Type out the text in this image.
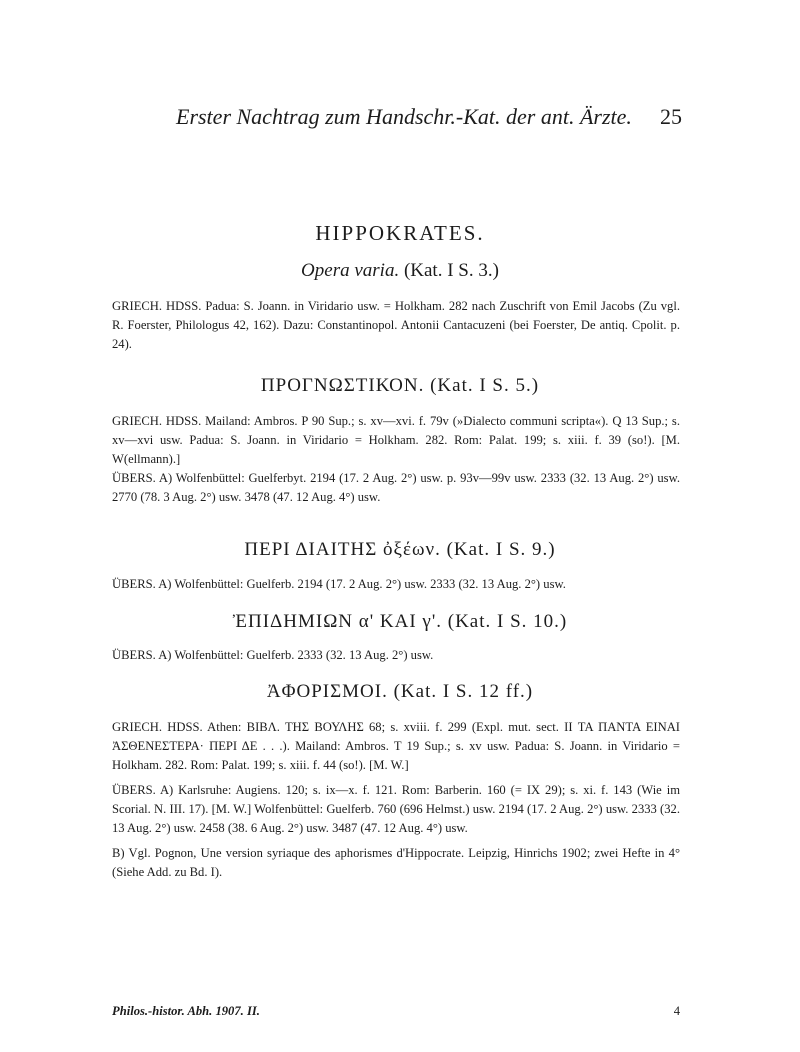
Erster Nachtrag zum Handschr.-Kat. der ant. Ärzte.	25
HIPPOKRATES.
Opera varia. (Kat. I S. 3.)

GRIECH. HDSS. Padua: S. Joann. in Viridario usw. = Holkham. 282 nach Zuschrift von Emil Jacobs (Zu vgl. R. Foerster, Philologus 42, 162). Dazu: Constantinopol. Antonii Cantacuzeni (bei Foerster, De antiq. Cpolit. p. 24).

ΠΡΟΓΝΩΣΤΙΚΟΝ. (Kat. I S. 5.)

GRIECH. HDSS. Mailand: Ambros. P 90 Sup.; s. xv—xvi. f. 79v (»Dialecto communi scripta«). Q 13 Sup.; s. xv—xvi usw. Padua: S. Joann. in Viridario = Holkham. 282. Rom: Palat. 199; s. xiii. f. 39 (so!). [M. W(ellmann).]

ÜBERS. A) Wolfenbüttel: Guelferbyt. 2194 (17. 2 Aug. 2°) usw. p. 93v—99v usw. 2333 (32. 13 Aug. 2°) usw. 2770 (78. 3 Aug. 2°) usw. 3478 (47. 12 Aug. 4°) usw.

ΠΕΡΙ ΔΙΑΙΤΗΣ ὀξέων. (Kat. I S. 9.)

ÜBERS. A) Wolfenbüttel: Guelferb. 2194 (17. 2 Aug. 2°) usw. 2333 (32. 13 Aug. 2°) usw.

ἘΠΙΔΗΜΙΩΝ α' ΚΑΙ γ'. (Kat. I S. 10.)

ÜBERS. A) Wolfenbüttel: Guelferb. 2333 (32. 13 Aug. 2°) usw.

ἈΦΟΡΙΣΜΟΙ. (Kat. I S. 12 ff.)

GRIECH. HDSS. Athen: ΒΙΒΛ. ΤΗΣ ΒΟΥΛΗΣ 68; s. xviii. f. 299 (Expl. mut. sect. II ΤΑ ΠΑΝΤΑ ΕΙΝΑΙ ἈΣΘΕΝΕΣΤΕΡΑ· ΠΕΡΙ ΔΕ . . .). Mailand: Ambros. T 19 Sup.; s. xv usw. Padua: S. Joann. in Viridario = Holkham. 282. Rom: Palat. 199; s. xiii. f. 44 (so!). [M. W.]

ÜBERS. A) Karlsruhe: Augiens. 120; s. ix—x. f. 121. Rom: Barberin. 160 (= IX 29); s. xi. f. 143 (Wie im Scorial. N. III. 17). [M. W.] Wolfenbüttel: Guelferb. 760 (696 Helmst.) usw. 2194 (17. 2 Aug. 2°) usw. 2333 (32. 13 Aug. 2°) usw. 2458 (38. 6 Aug. 2°) usw. 3487 (47. 12 Aug. 4°) usw.

B) Vgl. Pognon, Une version syriaque des aphorismes d'Hippocrate. Leipzig, Hinrichs 1902; zwei Hefte in 4° (Siehe Add. zu Bd. I).

Philos.-histor. Abh. 1907. II.	4
